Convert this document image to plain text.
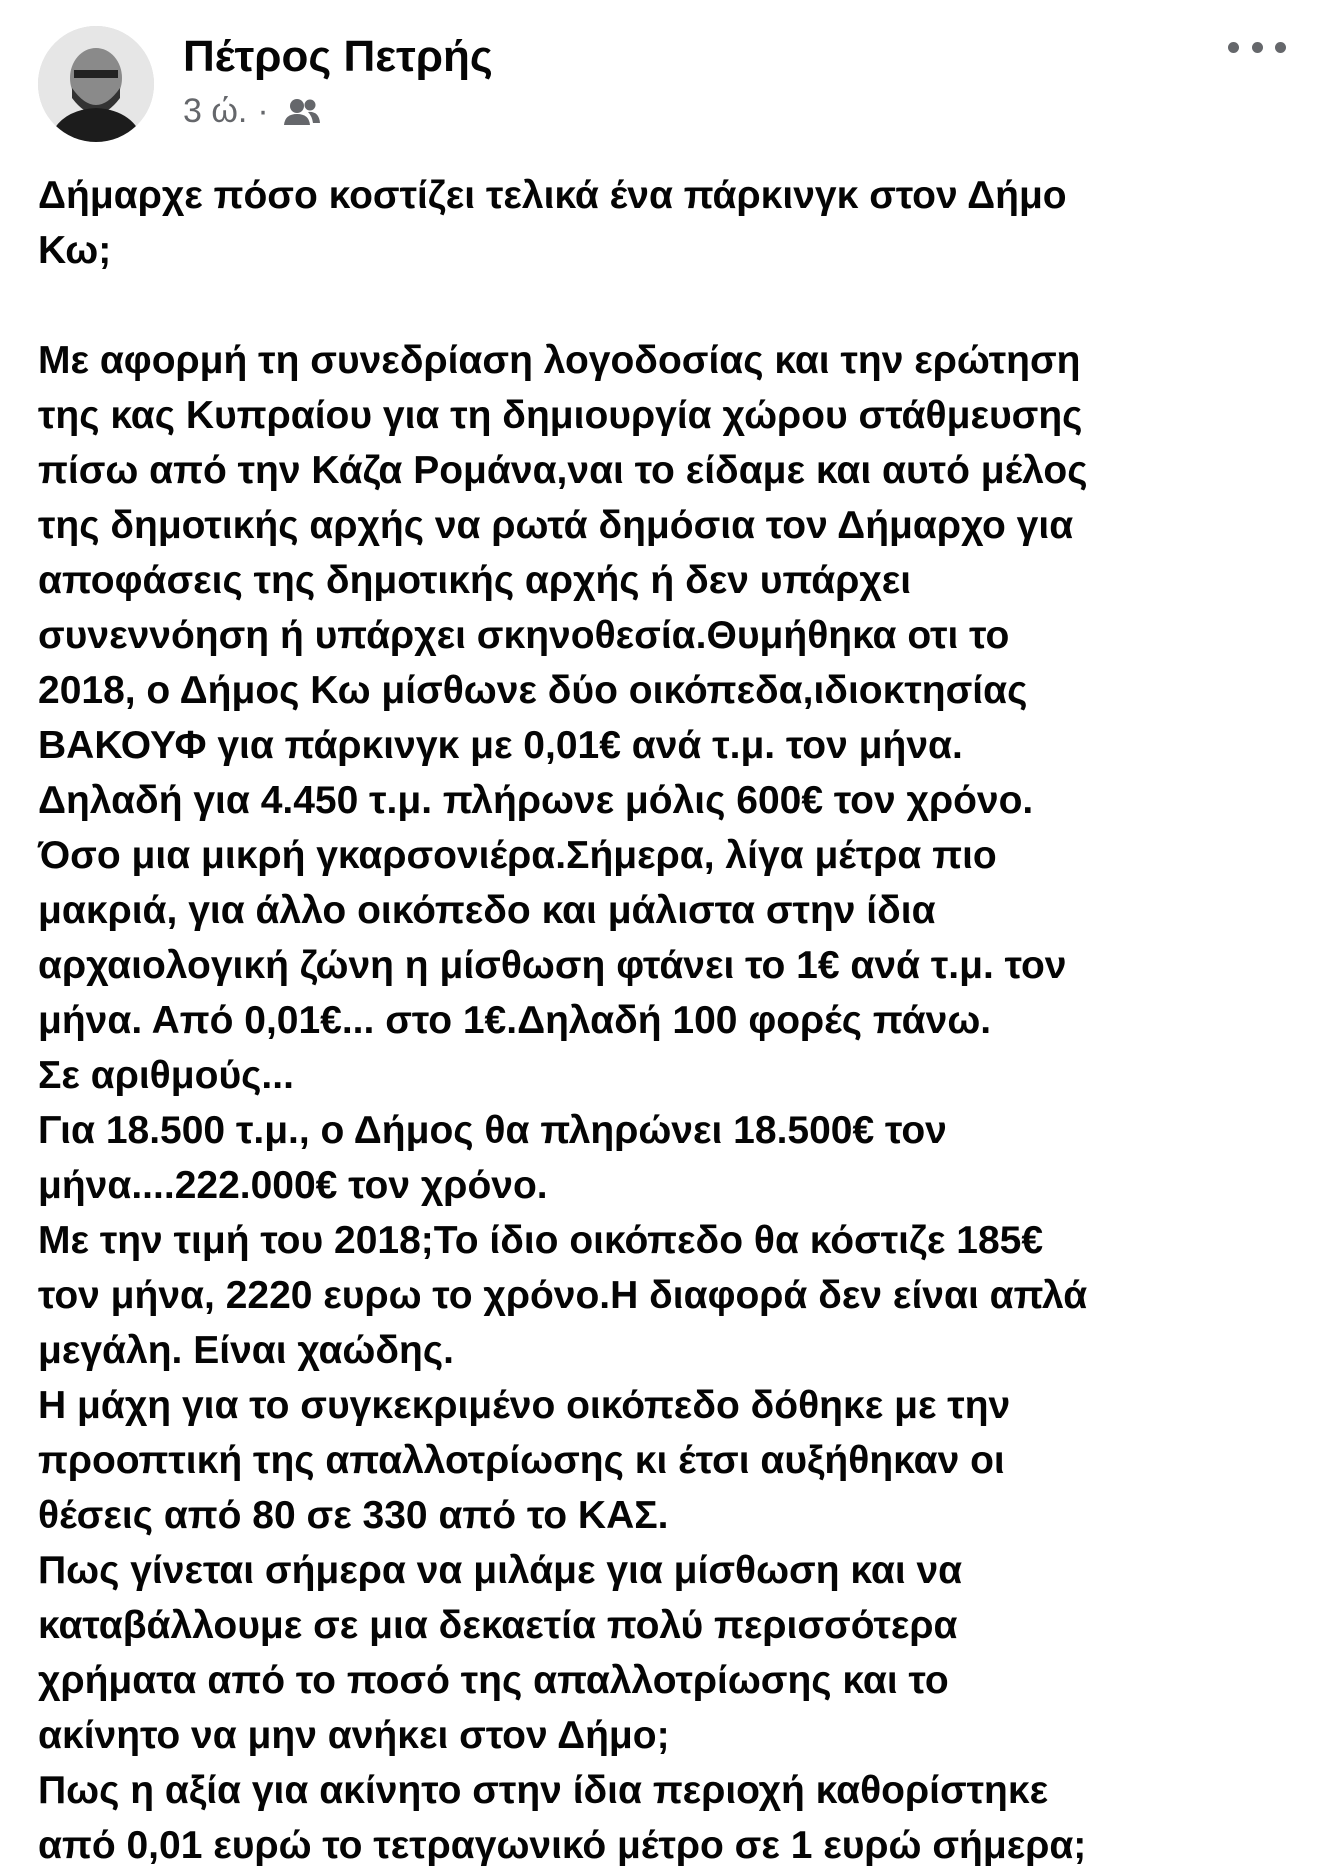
Πέτρος Πετρής
3 ώ. ·
Δήμαρχε πόσο κοστίζει τελικά ένα πάρκινγκ στον Δήμο
Κω;
Με αφορμή τη συνεδρίαση λογοδοσίας και την ερώτηση
της κας Κυπραίου για τη δημιουργία χώρου στάθμευσης
πίσω από την Κάζα Ρομάνα,ναι το είδαμε και αυτό μέλος
της δημοτικής αρχής να ρωτά δημόσια τον Δήμαρχο για
αποφάσεις της δημοτικής αρχής ή δεν υπάρχει
συνεννόηση ή υπάρχει σκηνοθεσία.Θυμήθηκα οτι το
2018, ο Δήμος Κω μίσθωνε δύο οικόπεδα,ιδιοκτησίας
ΒΑΚΟΥΦ για πάρκινγκ με 0,01€ ανά τ.μ. τον μήνα.
Δηλαδή για 4.450 τ.μ. πλήρωνε μόλις 600€ τον χρόνο.
Όσο μια μικρή γκαρσονιέρα.Σήμερα, λίγα μέτρα πιο
μακριά, για άλλο οικόπεδο και μάλιστα στην ίδια
αρχαιολογική ζώνη η μίσθωση φτάνει το 1€ ανά τ.μ. τον
μήνα. Από 0,01€... στο 1€.Δηλαδή 100 φορές πάνω.
Σε αριθμούς...
Για 18.500 τ.μ., ο Δήμος θα πληρώνει 18.500€ τον
μήνα....222.000€ τον χρόνο.
Με την τιμή του 2018;Το ίδιο οικόπεδο θα κόστιζε 185€
τον μήνα, 2220 ευρω το χρόνο.Η διαφορά δεν είναι απλά
μεγάλη. Είναι χαώδης.
Η μάχη για το συγκεκριμένο οικόπεδο δόθηκε με την
προοπτική της απαλλοτρίωσης κι έτσι αυξήθηκαν οι
θέσεις από 80 σε 330 από το ΚΑΣ.
Πως γίνεται σήμερα να μιλάμε για μίσθωση και να
καταβάλλουμε σε μια δεκαετία πολύ περισσότερα
χρήματα από το ποσό της απαλλοτρίωσης και το
ακίνητο να μην ανήκει στον Δήμο;
Πως η αξία για ακίνητο στην ίδια περιοχή καθορίστηκε
από 0,01 ευρώ το τετραγωνικό μέτρο σε 1 ευρώ σήμερα;
